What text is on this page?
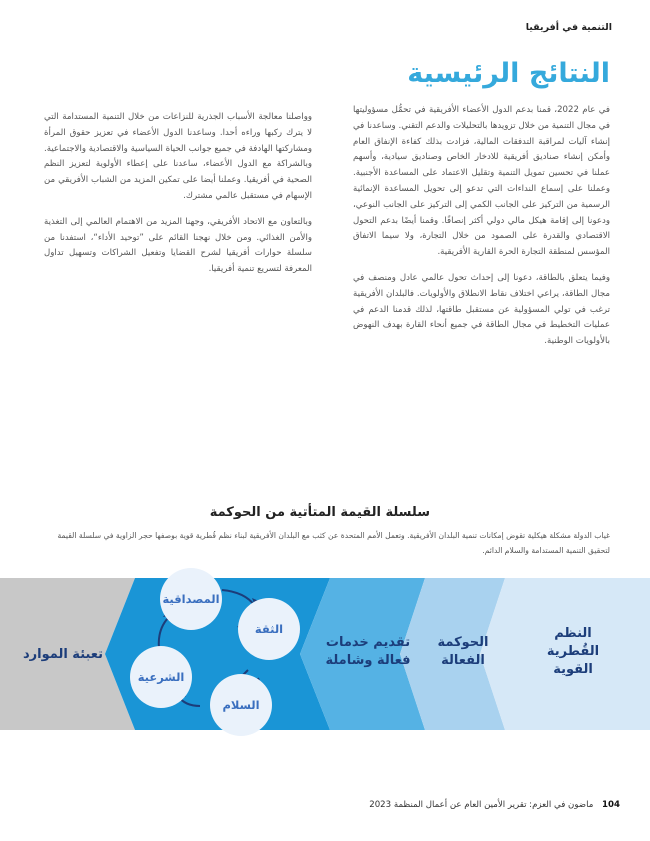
التنمية في أفريقيا
النتائج الرئيسية

في عام 2022، قمنا بدعم الدول الأعضاء الأفريقية في تحمُّل مسؤوليتها في مجال التنمية من خلال تزويدها بالتحليلات والدعم التقني. وساعدنا في إنشاء آليات لمراقبة التدفقات المالية، فزادت بذلك كفاءة الإنفاق العام وأمكن إنشاء صناديق أفريقية للادخار الخاص وصناديق سيادية، وأسهم عملنا في تحسين تمويل التنمية وتقليل الاعتماد على المساعدة الأجنبية. وعملنا على إسماع النداءات التي تدعو إلى تحويل المساعدة الإنمائية الرسمية من التركيز على الجانب الكمي إلى التركيز على الجانب النوعي، ودعونا إلى إقامة هيكل مالي دولي أكثر إنصافًا. وقمنا أيضًا بدعم التحول الاقتصادي والقدرة على الصمود من خلال التجارة، ولا سيما الاتفاق المؤسس لمنطقة التجارة الحرة القارية الأفريقية.

وفيما يتعلق بالطاقة، دعونا إلى إحداث تحول عالمي عادل ومنصف في مجال الطاقة، يراعي اختلاف نقاط الانطلاق والأولويات. فالبلدان الأفريقية ترغب في تولي المسؤولية عن مستقبل طاقتها، لذلك قدمنا الدعم في عمليات التخطيط في مجال الطاقة في جميع أنحاء القارة بهدف النهوض بالأولويات الوطنية.

وواصلنا معالجة الأسباب الجذرية للنزاعات من خلال التنمية المستدامة التي لا يترك ركبها وراءه أحدا. وساعدنا الدول الأعضاء في تعزيز حقوق المرأة ومشاركتها الهادفة في جميع جوانب الحياة السياسية والاقتصادية والاجتماعية. وبالشراكة مع الدول الأعضاء، ساعدنا على إعطاء الأولوية لتعزيز النظم الصحية في أفريقيا. وعملنا أيضا على تمكين المزيد من الشباب الأفريقي من الإسهام في مستقبل عالمي مشترك.

وبالتعاون مع الاتحاد الأفريقي، وجهنا المزيد من الاهتمام العالمي إلى التغذية والأمن الغذائي. ومن خلال نهجنا القائم على ”توحيد الأداء“، استفدنا من سلسلة حوارات أفريقيا لشرح القضايا وتفعيل الشراكات وتسهيل تداول المعرفة لتسريع تنمية أفريقيا.

سلسلة القيمة المتأتية من الحوكمة

غياب الدولة مشكلة هيكلية تقوض إمكانات تنمية البلدان الأفريقية. وتعمل الأمم المتحدة عن كثب مع البلدان الأفريقية لبناء نظم قُطرية قوية بوصفها حجر الزاوية في سلسلة القيمة لتحقيق التنمية المستدامة والسلام الدائم.

النظم
القُطرية
القوية
الحوكمة
الفعالة
تقديم خدمات
فعالة وشاملة
تعبئة الموارد
المصداقية
الثقة
السلام
الشرعية
104 ماضون في العزم: تقرير الأمين العام عن أعمال المنظمة 2023
